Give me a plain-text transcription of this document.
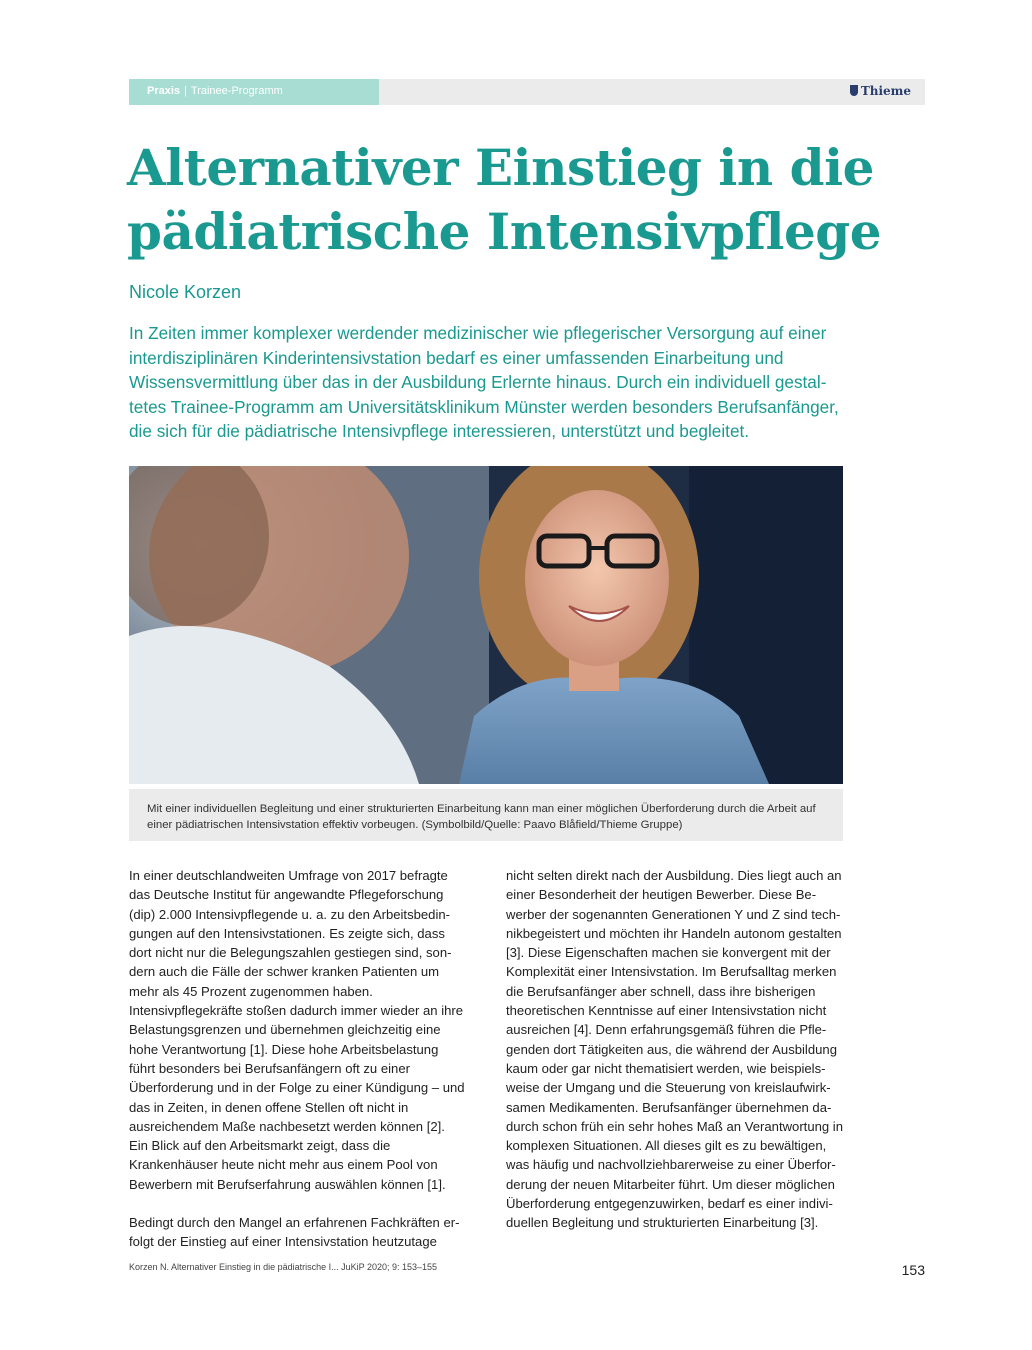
Praxis | Trainee-Programm	Thieme
Alternativer Einstieg in die pädiatrische Intensivpflege
Nicole Korzen
In Zeiten immer komplexer werdender medizinischer wie pflegerischer Versorgung auf einer interdisziplinären Kinderintensivstation bedarf es einer umfassenden Einarbeitung und Wissensvermittlung über das in der Ausbildung Erlernte hinaus. Durch ein individuell gestaltetes Trainee-Programm am Universitätsklinikum Münster werden besonders Berufsanfänger, die sich für die pädiatrische Intensivpflege interessieren, unterstützt und begleitet.
Mit einer individuellen Begleitung und einer strukturierten Einarbeitung kann man einer möglichen Überforderung durch die Arbeit auf einer pädiatrischen Intensivstation effektiv vorbeugen. (Symbolbild/Quelle: Paavo Blåfield/Thieme Gruppe)

In einer deutschlandweiten Umfrage von 2017 befragte das Deutsche Institut für angewandte Pflegeforschung (dip) 2.000 Intensivpflegende u. a. zu den Arbeitsbedingungen auf den Intensivstationen. Es zeigte sich, dass dort nicht nur die Belegungszahlen gestiegen sind, sondern auch die Fälle der schwer kranken Patienten um mehr als 45 Prozent zugenommen haben. Intensivpflegekräfte stoßen dadurch immer wieder an ihre Belastungsgrenzen und übernehmen gleichzeitig eine hohe Verantwortung [1]. Diese hohe Arbeitsbelastung führt besonders bei Berufsanfängern oft zu einer Überforderung und in der Folge zu einer Kündigung – und das in Zeiten, in denen offene Stellen oft nicht in ausreichendem Maße nachbesetzt werden können [2]. Ein Blick auf den Arbeitsmarkt zeigt, dass die Krankenhäuser heute nicht mehr aus einem Pool von Bewerbern mit Berufserfahrung auswählen können [1].

Bedingt durch den Mangel an erfahrenen Fachkräften erfolgt der Einstieg auf einer Intensivstation heutzutage

nicht selten direkt nach der Ausbildung. Dies liegt auch an einer Besonderheit der heutigen Bewerber. Diese Bewerber der sogenannten Generationen Y und Z sind technikbegeistert und möchten ihr Handeln autonom gestalten [3]. Diese Eigenschaften machen sie konvergent mit der Komplexität einer Intensivstation. Im Berufsalltag merken die Berufsanfänger aber schnell, dass ihre bisherigen theoretischen Kenntnisse auf einer Intensivstation nicht ausreichen [4]. Denn erfahrungsgemäß führen die Pflegenden dort Tätigkeiten aus, die während der Ausbildung kaum oder gar nicht thematisiert werden, wie beispielsweise der Umgang und die Steuerung von kreislaufwirksamen Medikamenten. Berufsanfänger übernehmen dadurch schon früh ein sehr hohes Maß an Verantwortung in komplexen Situationen. All dieses gilt es zu bewältigen, was häufig und nachvollziehbarerweise zu einer Überforderung der neuen Mitarbeiter führt. Um dieser möglichen Überforderung entgegenzuwirken, bedarf es einer individuellen Begleitung und strukturierten Einarbeitung [3].

Korzen N. Alternativer Einstieg in die pädiatrische I... JuKiP 2020; 9: 153–155	153
